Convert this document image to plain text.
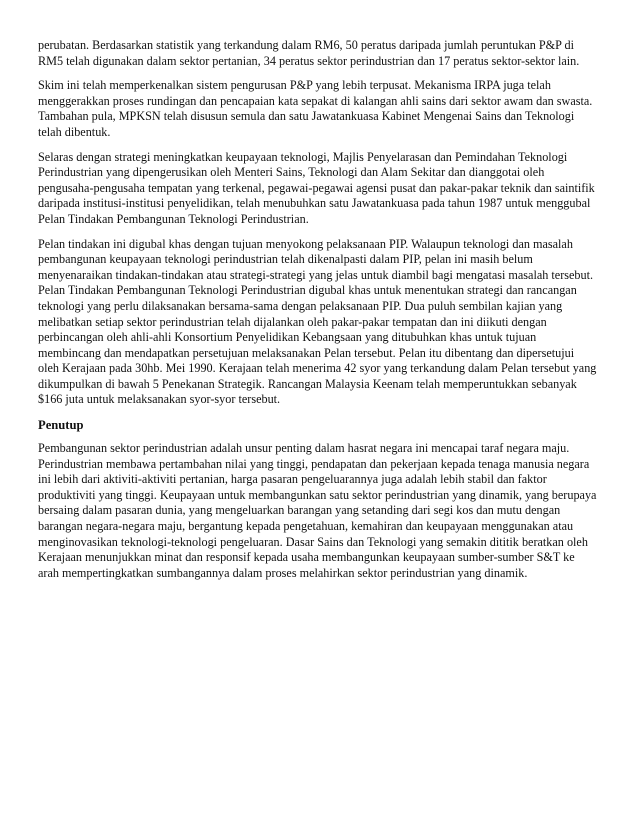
perubatan. Berdasarkan statistik yang terkandung dalam RM6, 50 peratus daripada jumlah peruntukan P&P di RM5 telah digunakan dalam sektor pertanian, 34 peratus sektor perindustrian dan 17 peratus sektor-sektor lain.

Skim ini telah memperkenalkan sistem pengurusan P&P yang lebih terpusat. Mekanisma IRPA juga telah menggerakkan proses rundingan dan pencapaian kata sepakat di kalangan ahli sains dari sektor awam dan swasta. Tambahan pula, MPKSN telah disusun semula dan satu Jawatankuasa Kabinet Mengenai Sains dan Teknologi telah dibentuk.

Selaras dengan strategi meningkatkan keupayaan teknologi, Majlis Penyelarasan dan Pemindahan Teknologi Perindustrian yang dipengerusikan oleh Menteri Sains, Teknologi dan Alam Sekitar dan dianggotai oleh pengusaha-pengusaha tempatan yang terkenal, pegawai-pegawai agensi pusat dan pakar-pakar teknik dan saintifik daripada institusi-institusi penyelidikan, telah menubuhkan satu Jawatankuasa pada tahun 1987 untuk menggubal Pelan Tindakan Pembangunan Teknologi Perindustrian.

Pelan tindakan ini digubal khas dengan tujuan menyokong pelaksanaan PIP. Walaupun teknologi dan masalah pembangunan keupayaan teknologi perindustrian telah dikenalpasti dalam PIP, pelan ini masih belum menyenaraikan tindakan-tindakan atau strategi-strategi yang jelas untuk diambil bagi mengatasi masalah tersebut. Pelan Tindakan Pembangunan Teknologi Perindustrian digubal khas untuk menentukan strategi dan rancangan teknologi yang perlu dilaksanakan bersama-sama dengan pelaksanaan PIP. Dua puluh sembilan kajian yang melibatkan setiap sektor perindustrian telah dijalankan oleh pakar-pakar tempatan dan ini diikuti dengan perbincangan oleh ahli-ahli Konsortium Penyelidikan Kebangsaan yang ditubuhkan khas untuk tujuan membincang dan mendapatkan persetujuan melaksanakan Pelan tersebut. Pelan itu dibentang dan dipersetujui oleh Kerajaan pada 30hb. Mei 1990. Kerajaan telah menerima 42 syor yang terkandung dalam Pelan tersebut yang dikumpulkan di bawah 5 Penekanan Strategik. Rancangan Malaysia Keenam telah memperuntukkan sebanyak $166 juta untuk melaksanakan syor-syor tersebut.

Penutup

Pembangunan sektor perindustrian adalah unsur penting dalam hasrat negara ini mencapai taraf negara maju. Perindustrian membawa pertambahan nilai yang tinggi, pendapatan dan pekerjaan kepada tenaga manusia negara ini lebih dari aktiviti-aktiviti pertanian, harga pasaran pengeluarannya juga adalah lebih stabil dan faktor produktiviti yang tinggi. Keupayaan untuk membangunkan satu sektor perindustrian yang dinamik, yang berupaya bersaing dalam pasaran dunia, yang mengeluarkan barangan yang setanding dari segi kos dan mutu dengan barangan negara-negara maju, bergantung kepada pengetahuan, kemahiran dan keupayaan menggunakan atau menginovasikan teknologi-teknologi pengeluaran. Dasar Sains dan Teknologi yang semakin dititik beratkan oleh Kerajaan menunjukkan minat dan responsif kepada usaha membangunkan keupayaan sumber-sumber S&T ke arah mempertingkatkan sumbangannya dalam proses melahirkan sektor perindustrian yang dinamik.
